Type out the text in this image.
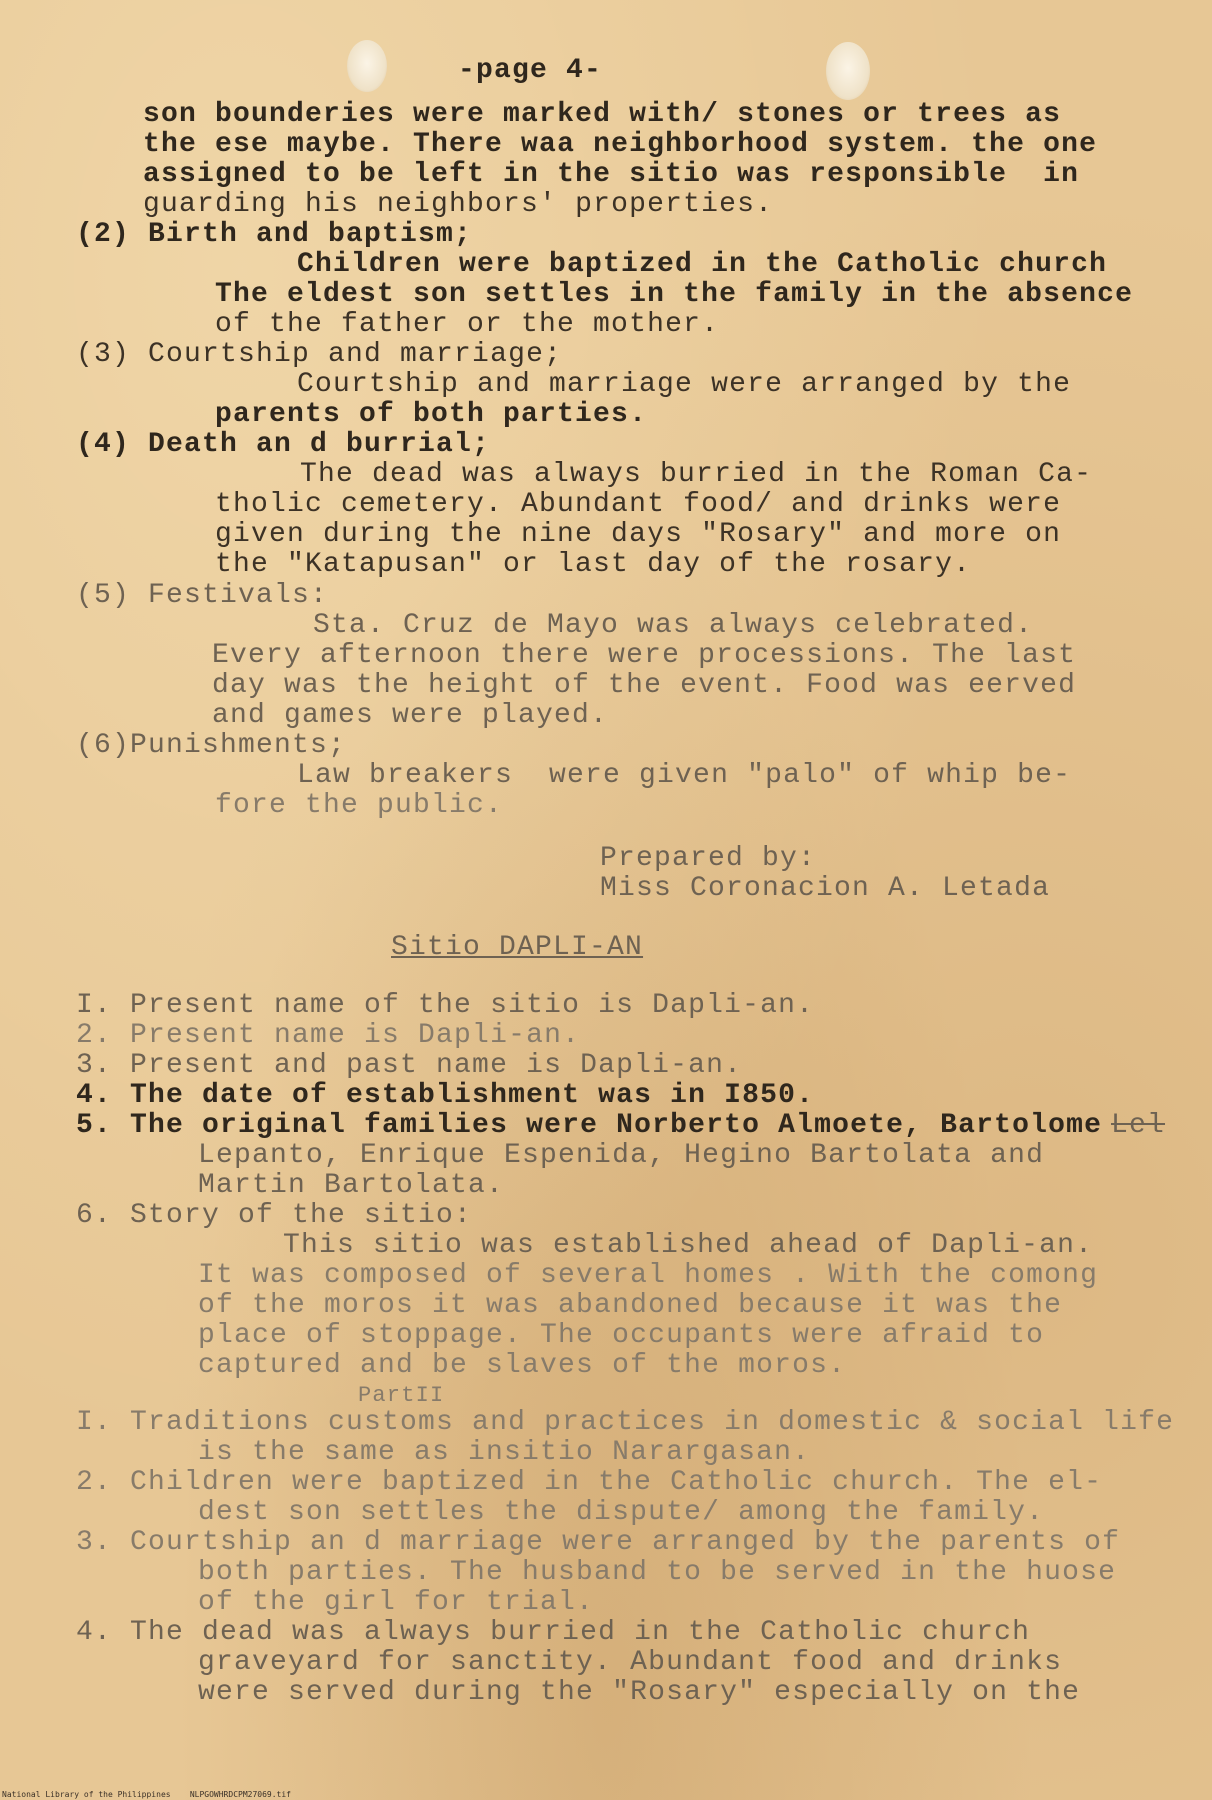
-page 4-
son bounderies were marked with/ stones or trees as
the ese maybe. There waa neighborhood system. the one
assigned to be left in the sitio was responsible  in
guarding his neighbors' properties.
(2) Birth and baptism;
Children were baptized in the Catholic church
The eldest son settles in the family in the absence
of the father or the mother.
(3) Courtship and marriage;
Courtship and marriage were arranged by the
parents of both parties.
(4) Death an d burrial;
The dead was always burried in the Roman Ca-
tholic cemetery. Abundant food/ and drinks were
given during the nine days "Rosary" and more on
the "Katapusan" or last day of the rosary.
(5) Festivals:
Sta. Cruz de Mayo was always celebrated.
Every afternoon there were processions. The last
day was the height of the event. Food was eerved
and games were played.
(6)Punishments;
Law breakers  were given "palo" of whip be-
fore the public.
Prepared by:
Miss Coronacion A. Letada
Sitio DAPLI-AN
I. Present name of the sitio is Dapli-an.
2. Present name is Dapli-an.
3. Present and past name is Dapli-an.
4. The date of establishment was in I850.
5. The original families were Norberto Almoete, Bartolome Lel
Lepanto, Enrique Espenida, Hegino Bartolata and
Martin Bartolata.
6. Story of the sitio:
This sitio was established ahead of Dapli-an.
It was composed of several homes . With the comong
of the moros it was abandoned because it was the
place of stoppage. The occupants were afraid to
captured and be slaves of the moros.
PartII
I. Traditions customs and practices in domestic & social life
is the same as insitio Narargasan.
2. Children were baptized in the Catholic church. The el-
dest son settles the dispute/ among the family.
3. Courtship an d marriage were arranged by the parents of
both parties. The husband to be served in the huose
of the girl for trial.
4. The dead was always burried in the Catholic church
graveyard for sanctity. Abundant food and drinks
were served during the "Rosary" especially on the
National Library of the Philippines    NLPGOWHRDCPM27069.tif
